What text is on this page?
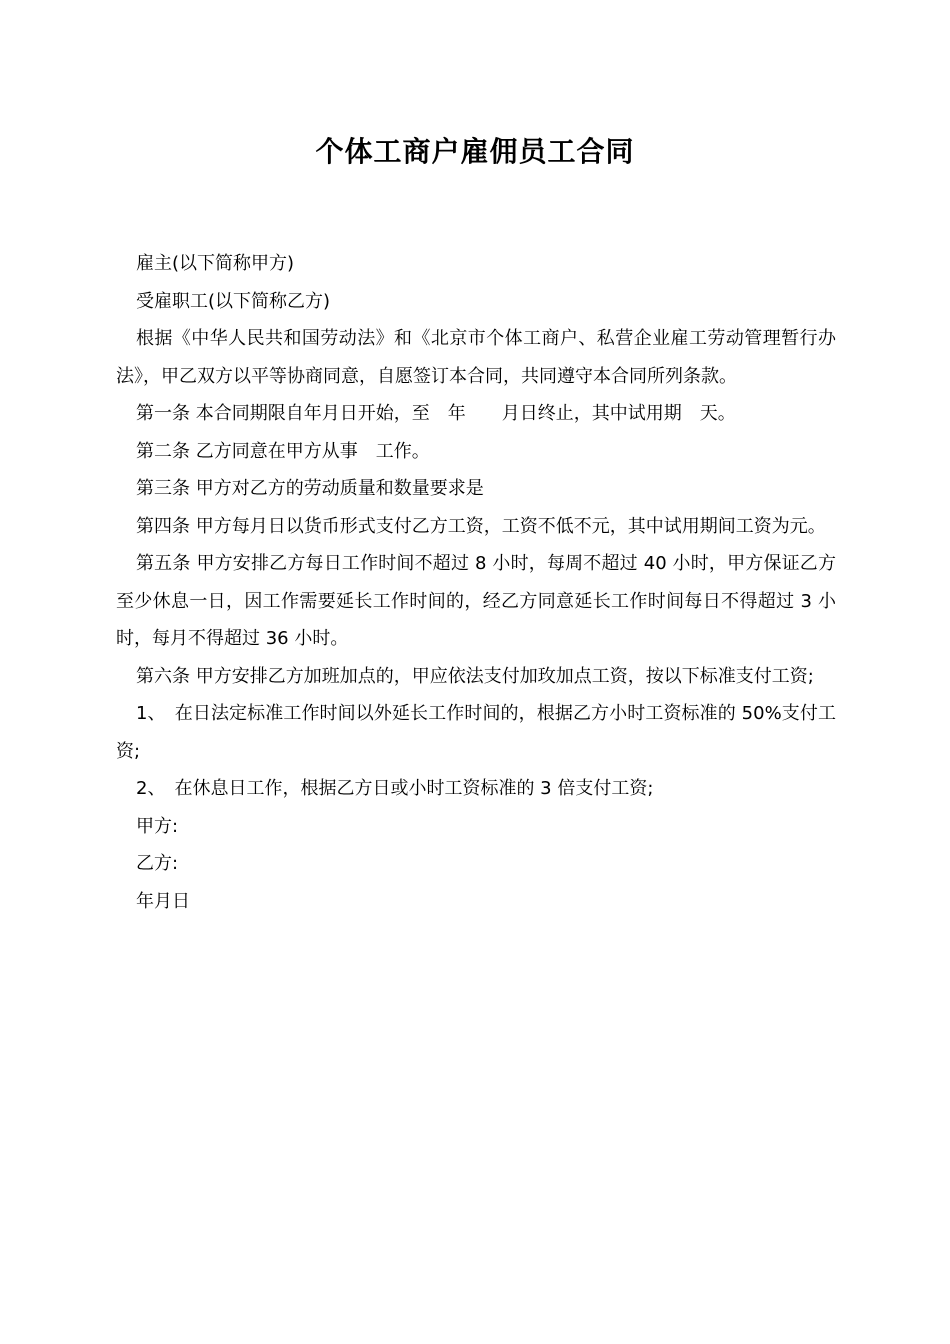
个体工商户雇佣员工合同

雇主(以下简称甲方)

受雇职工(以下简称乙方)

根据《中华人民共和国劳动法》和《北京市个体工商户、私营企业雇工劳动管理暂行办法》，甲乙双方以平等协商同意，自愿签订本合同，共同遵守本合同所列条款。

第一条 本合同期限自年月日开始，至　年　　月日终止，其中试用期　天。

第二条 乙方同意在甲方从事　工作。

第三条 甲方对乙方的劳动质量和数量要求是

第四条 甲方每月日以货币形式支付乙方工资，工资不低不元，其中试用期间工资为元。

第五条 甲方安排乙方每日工作时间不超过 8 小时，每周不超过 40 小时，甲方保证乙方至少休息一日，因工作需要延长工作时间的，经乙方同意延长工作时间每日不得超过 3 小时，每月不得超过 36 小时。

第六条 甲方安排乙方加班加点的，甲应依法支付加玫加点工资，按以下标准支付工资;

1、　在日法定标准工作时间以外延长工作时间的，根据乙方小时工资标准的 50%支付工资;

2、　在休息日工作，根据乙方日或小时工资标准的 3 倍支付工资;

甲方:

乙方:

年月日
